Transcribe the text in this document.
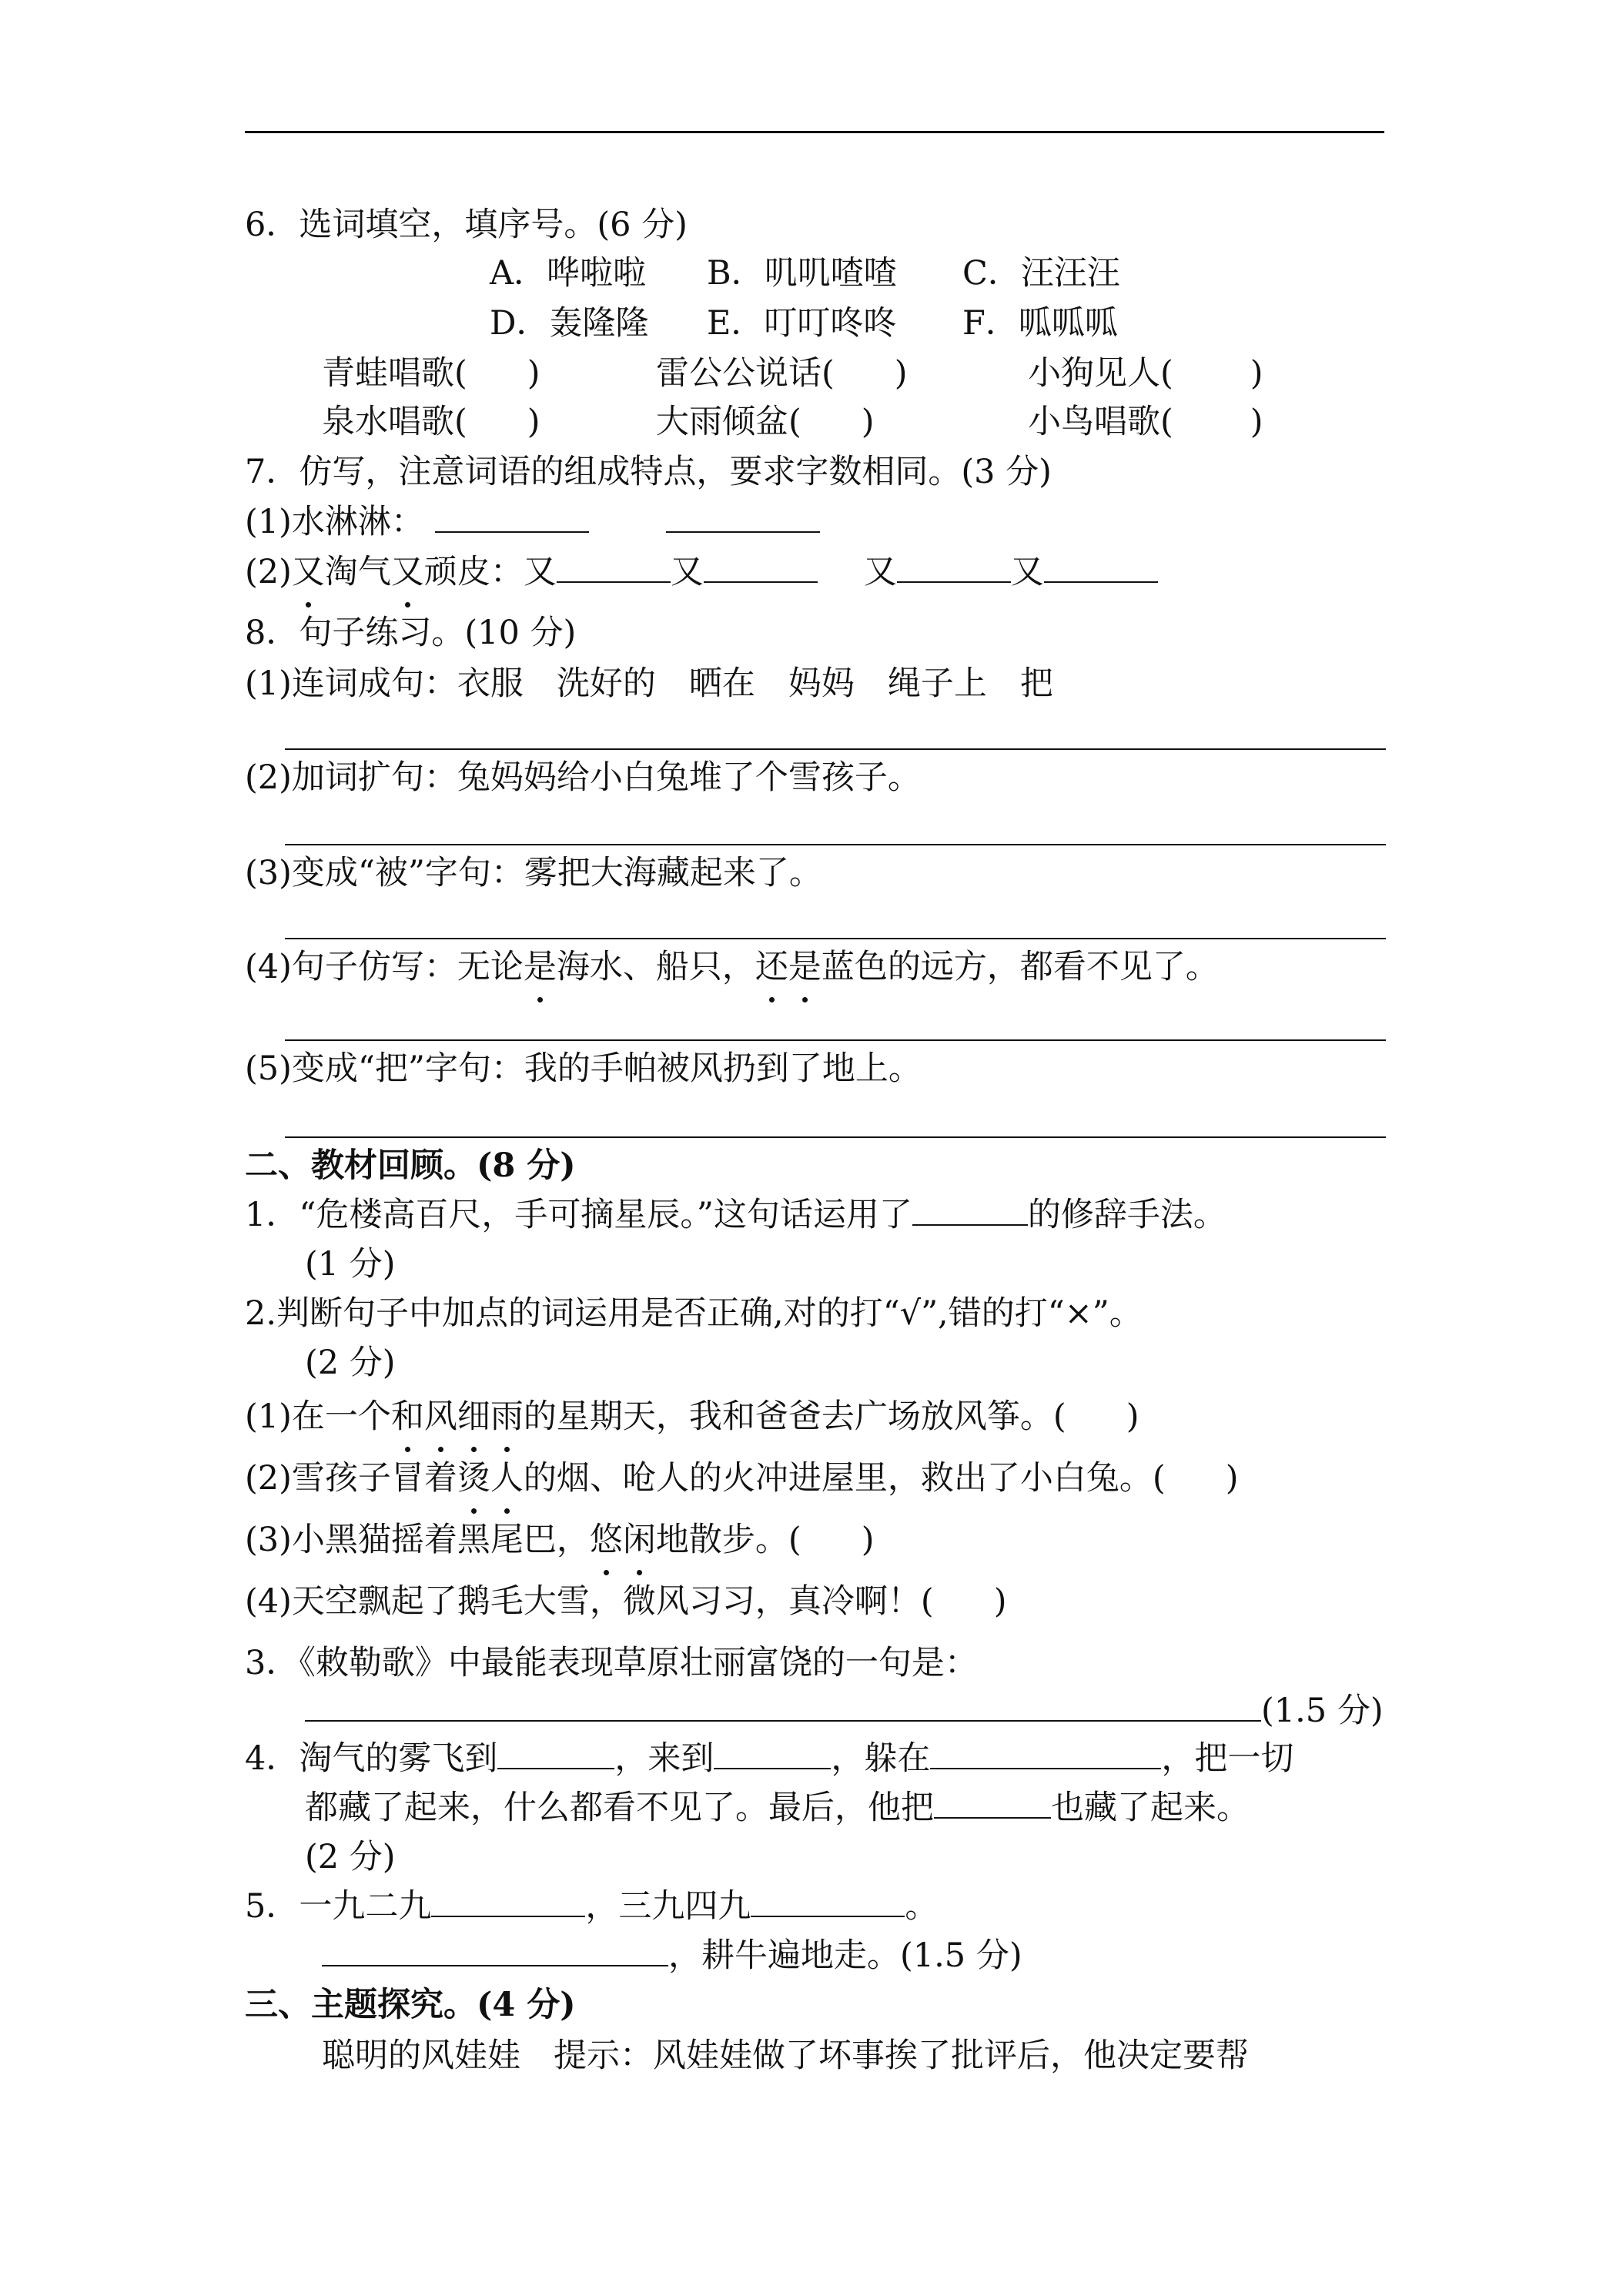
6．选词填空，填序号。(6 分)
A．哗啦啦 B．叽叽喳喳 C．汪汪汪
D．轰隆隆 E．叮叮咚咚 F．呱呱呱
青蛙唱歌( )	雷公公说话( )	小狗见人( )
泉水唱歌( )	大雨倾盆( )	小鸟唱歌( )
7．仿写，注意词语的组成特点，要求字数相同。(3 分)
(1)水淋淋：
(2)又淘气又顽皮：又	又	又	又
8．句子练习。(10 分)
(1)连词成句：衣服　洗好的　晒在　妈妈　绳子上　把
(2)加词扩句：兔妈妈给小白兔堆了个雪孩子。
(3)变成“被”字句：雾把大海藏起来了。
(4)句子仿写：无论是海水、船只，还是蓝色的远方，都看不见了。
(5)变成“把”字句：我的手帕被风扔到了地上。
二、教材回顾。(8 分)
1．“危楼高百尺，手可摘星辰。”这句话运用了	的修辞手法。
(1 分)
2.判断句子中加点的词运用是否正确,对的打“√”,错的打“×”。
(2 分)
(1)在一个和风细雨的星期天，我和爸爸去广场放风筝。( )
(2)雪孩子冒着烫人的烟、呛人的火冲进屋里，救出了小白兔。( )
(3)小黑猫摇着黑尾巴，悠闲地散步。( )
(4)天空飘起了鹅毛大雪，微风习习，真冷啊！( )
3．《敕勒歌》中最能表现草原壮丽富饶的一句是：
(1.5 分)
4．淘气的雾飞到	，来到	，躲在	，把一切
都藏了起来，什么都看不见了。最后，他把	也藏了起来。
(2 分)
5．一九二九	，三九四九	。
，耕牛遍地走。(1.5 分)
三、主题探究。(4 分)
聪明的风娃娃　提示：风娃娃做了坏事挨了批评后，他决定要帮
